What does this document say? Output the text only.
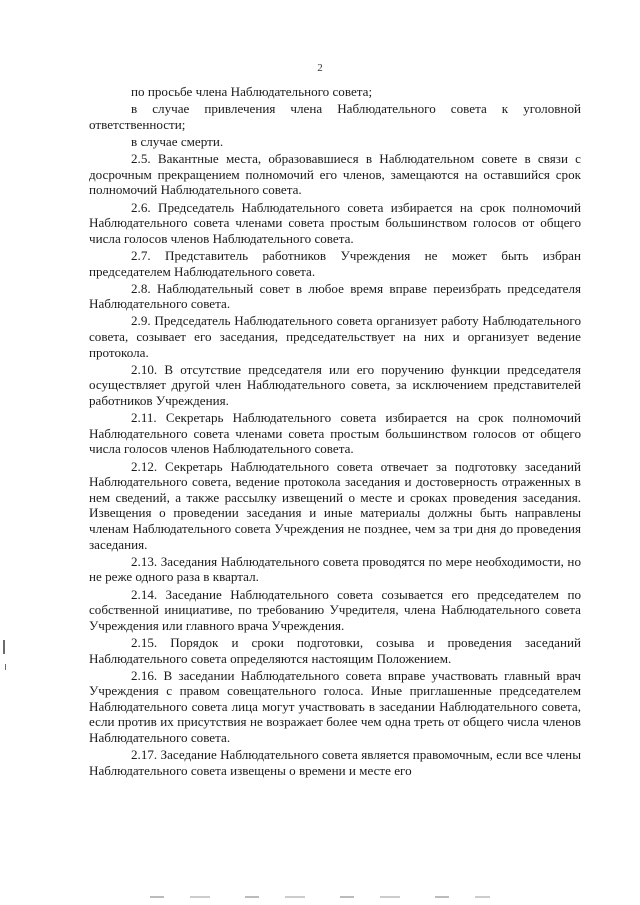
2

по просьбе члена Наблюдательного совета;

в случае привлечения члена Наблюдательного совета к уголовной ответственности;

в случае смерти.

2.5. Вакантные места, образовавшиеся в Наблюдательном совете в связи с досрочным прекращением полномочий его членов, замещаются на оставшийся срок полномочий Наблюдательного совета.

2.6. Председатель Наблюдательного совета избирается на срок полномочий Наблюдательного совета членами совета простым большинством голосов от общего числа голосов членов Наблюдательного совета.

2.7. Представитель работников Учреждения не может быть избран председателем Наблюдательного совета.

2.8. Наблюдательный совет в любое время вправе переизбрать председателя Наблюдательного совета.

2.9. Председатель Наблюдательного совета организует работу Наблюдательного совета, созывает его заседания, председательствует на них и организует ведение протокола.

2.10. В отсутствие председателя или его поручению функции председателя осуществляет другой член Наблюдательного совета, за исключением представителей работников Учреждения.

2.11. Секретарь Наблюдательного совета избирается на срок полномочий Наблюдательного совета членами совета простым большинством голосов от общего числа голосов членов Наблюдательного совета.

2.12. Секретарь Наблюдательного совета отвечает за подготовку заседаний Наблюдательного совета, ведение протокола заседания и достоверность отраженных в нем сведений, а также рассылку извещений о месте и сроках проведения заседания. Извещения о проведении заседания и иные материалы должны быть направлены членам Наблюдательного совета Учреждения не позднее, чем за три дня до проведения заседания.

2.13. Заседания Наблюдательного совета проводятся по мере необходимости, но не реже одного раза в квартал.

2.14. Заседание Наблюдательного совета созывается его председателем по собственной инициативе, по требованию Учредителя, члена Наблюдательного совета Учреждения или главного врача Учреждения.

2.15. Порядок и сроки подготовки, созыва и проведения заседаний Наблюдательного совета определяются настоящим Положением.

2.16. В заседании Наблюдательного совета вправе участвовать главный врач Учреждения с правом совещательного голоса. Иные приглашенные председателем Наблюдательного совета лица могут участвовать в заседании Наблюдательного совета, если против их присутствия не возражает более чем одна треть от общего числа членов Наблюдательного совета.

2.17. Заседание Наблюдательного совета является правомочным, если все члены Наблюдательного совета извещены о времени и месте его
